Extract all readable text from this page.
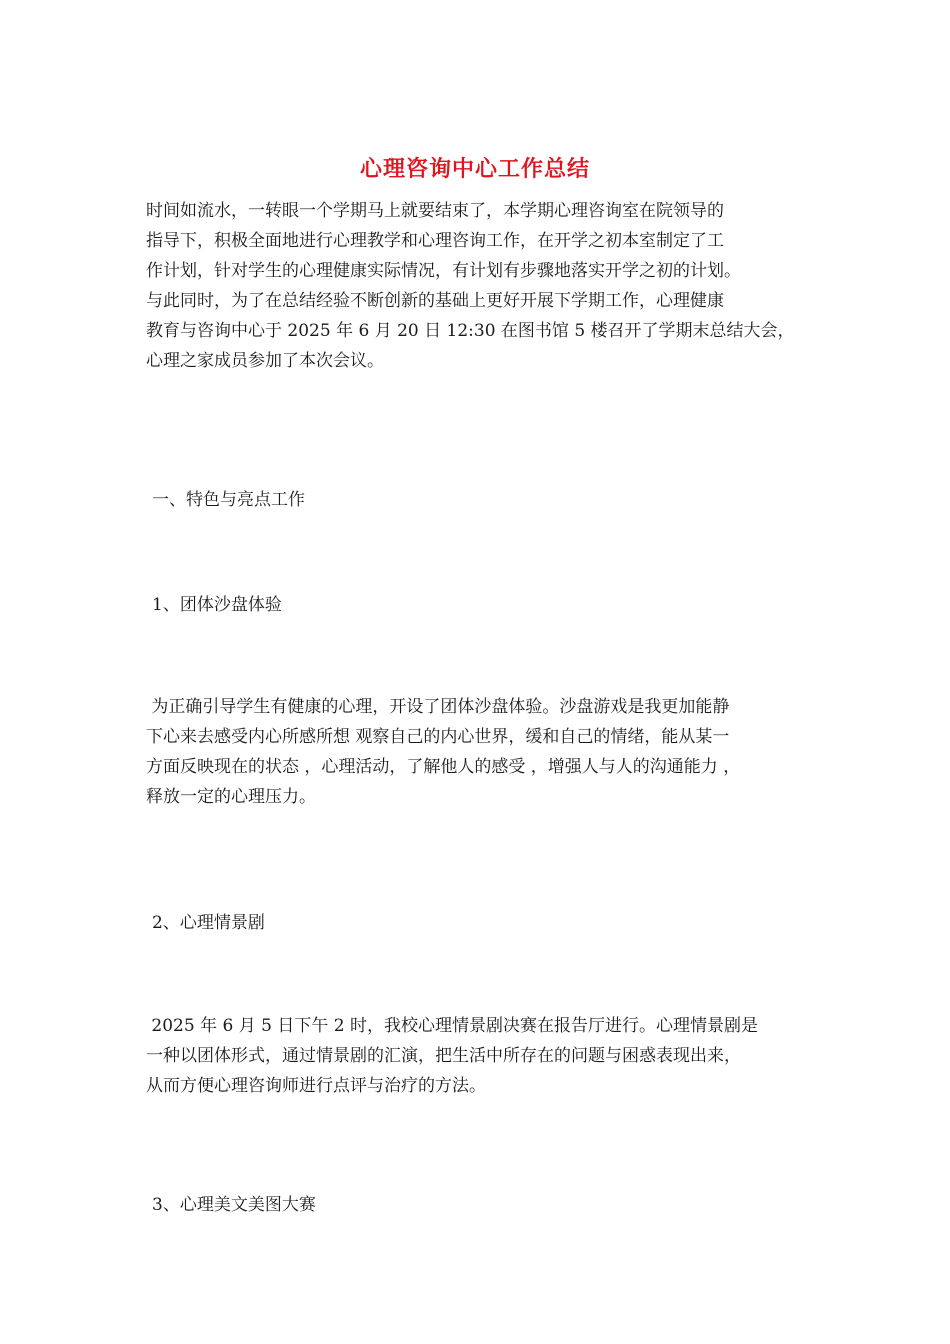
心理咨询中心工作总结
时间如流水，一转眼一个学期马上就要结束了，本学期心理咨询室在院领导的
指导下，积极全面地进行心理教学和心理咨询工作，在开学之初本室制定了工
作计划，针对学生的心理健康实际情况，有计划有步骤地落实开学之初的计划。
与此同时，为了在总结经验不断创新的基础上更好开展下学期工作，心理健康
教育与咨询中心于 2025 年 6 月 20 日 12:30 在图书馆 5 楼召开了学期末总结大会，
心理之家成员参加了本次会议。
一、特色与亮点工作
1、团体沙盘体验
为正确引导学生有健康的心理，开设了团体沙盘体验。沙盘游戏是我更加能静
下心来去感受内心所感所想 观察自己的内心世界，缓和自己的情绪，能从某一
方面反映现在的状态 ，心理活动，了解他人的感受 ，增强人与人的沟通能力 ，
释放一定的心理压力。
2、心理情景剧
2025 年 6 月 5 日下午 2 时，我校心理情景剧决赛在报告厅进行。心理情景剧是
一种以团体形式，通过情景剧的汇演，把生活中所存在的问题与困惑表现出来，
从而方便心理咨询师进行点评与治疗的方法。
3、心理美文美图大赛
